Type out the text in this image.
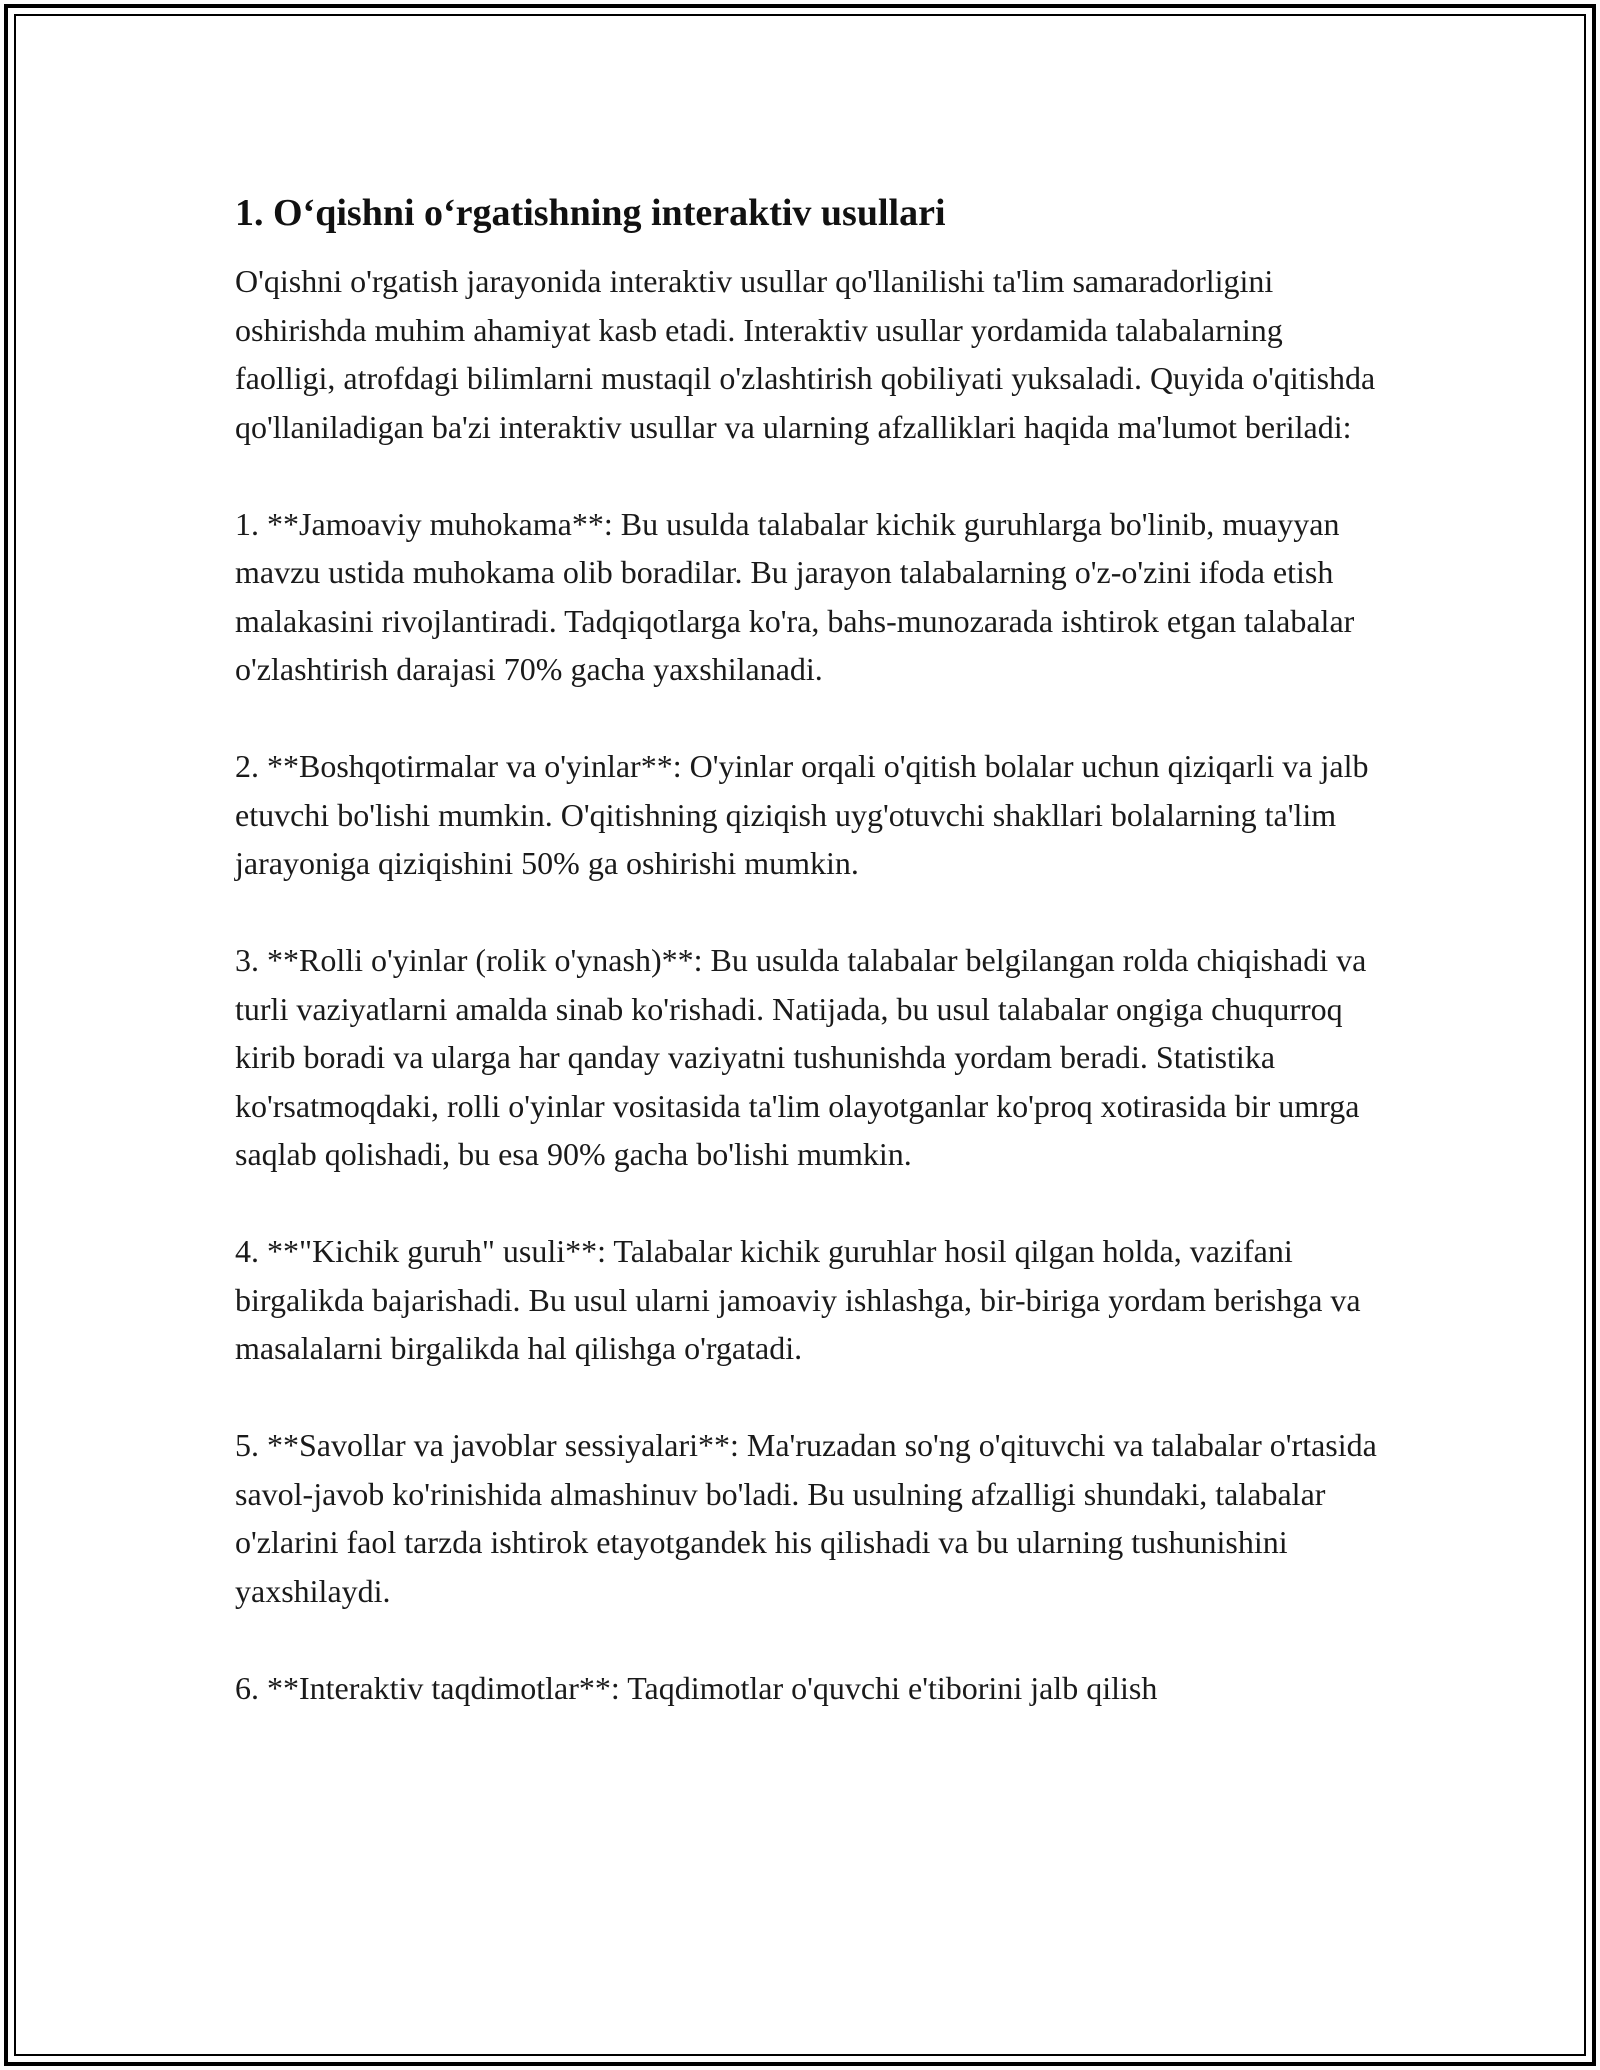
1. O‘qishni o‘rgatishning interaktiv usullari

O'qishni o'rgatish jarayonida interaktiv usullar qo'llanilishi ta'lim samaradorligini oshirishda muhim ahamiyat kasb etadi. Interaktiv usullar yordamida talabalarning faolligi, atrofdagi bilimlarni mustaqil o'zlashtirish qobiliyati yuksaladi. Quyida o'qitishda qo'llaniladigan ba'zi interaktiv usullar va ularning afzalliklari haqida ma'lumot beriladi:

1. **Jamoaviy muhokama**: Bu usulda talabalar kichik guruhlarga bo'linib, muayyan mavzu ustida muhokama olib boradilar. Bu jarayon talabalarning o'z-o'zini ifoda etish malakasini rivojlantiradi. Tadqiqotlarga ko'ra, bahs-munozarada ishtirok etgan talabalar o'zlashtirish darajasi 70% gacha yaxshilanadi.

2. **Boshqotirmalar va o'yinlar**: O'yinlar orqali o'qitish bolalar uchun qiziqarli va jalb etuvchi bo'lishi mumkin. O'qitishning qiziqish uyg'otuvchi shakllari bolalarning ta'lim jarayoniga qiziqishini 50% ga oshirishi mumkin.

3. **Rolli o'yinlar (rolik o'ynash)**: Bu usulda talabalar belgilangan rolda chiqishadi va turli vaziyatlarni amalda sinab ko'rishadi. Natijada, bu usul talabalar ongiga chuqurroq kirib boradi va ularga har qanday vaziyatni tushunishda yordam beradi. Statistika ko'rsatmoqdaki, rolli o'yinlar vositasida ta'lim olayotganlar ko'proq xotirasida bir umrga saqlab qolishadi, bu esa 90% gacha bo'lishi mumkin.

4. **"Kichik guruh" usuli**: Talabalar kichik guruhlar hosil qilgan holda, vazifani birgalikda bajarishadi. Bu usul ularni jamoaviy ishlashga, bir-biriga yordam berishga va masalalarni birgalikda hal qilishga o'rgatadi.

5. **Savollar va javoblar sessiyalari**: Ma'ruzadan so'ng o'qituvchi va talabalar o'rtasida savol-javob ko'rinishida almashinuv bo'ladi. Bu usulning afzalligi shundaki, talabalar o'zlarini faol tarzda ishtirok etayotgandek his qilishadi va bu ularning tushunishini yaxshilaydi.

6. **Interaktiv taqdimotlar**: Taqdimotlar o'quvchi e'tiborini jalb qilish
